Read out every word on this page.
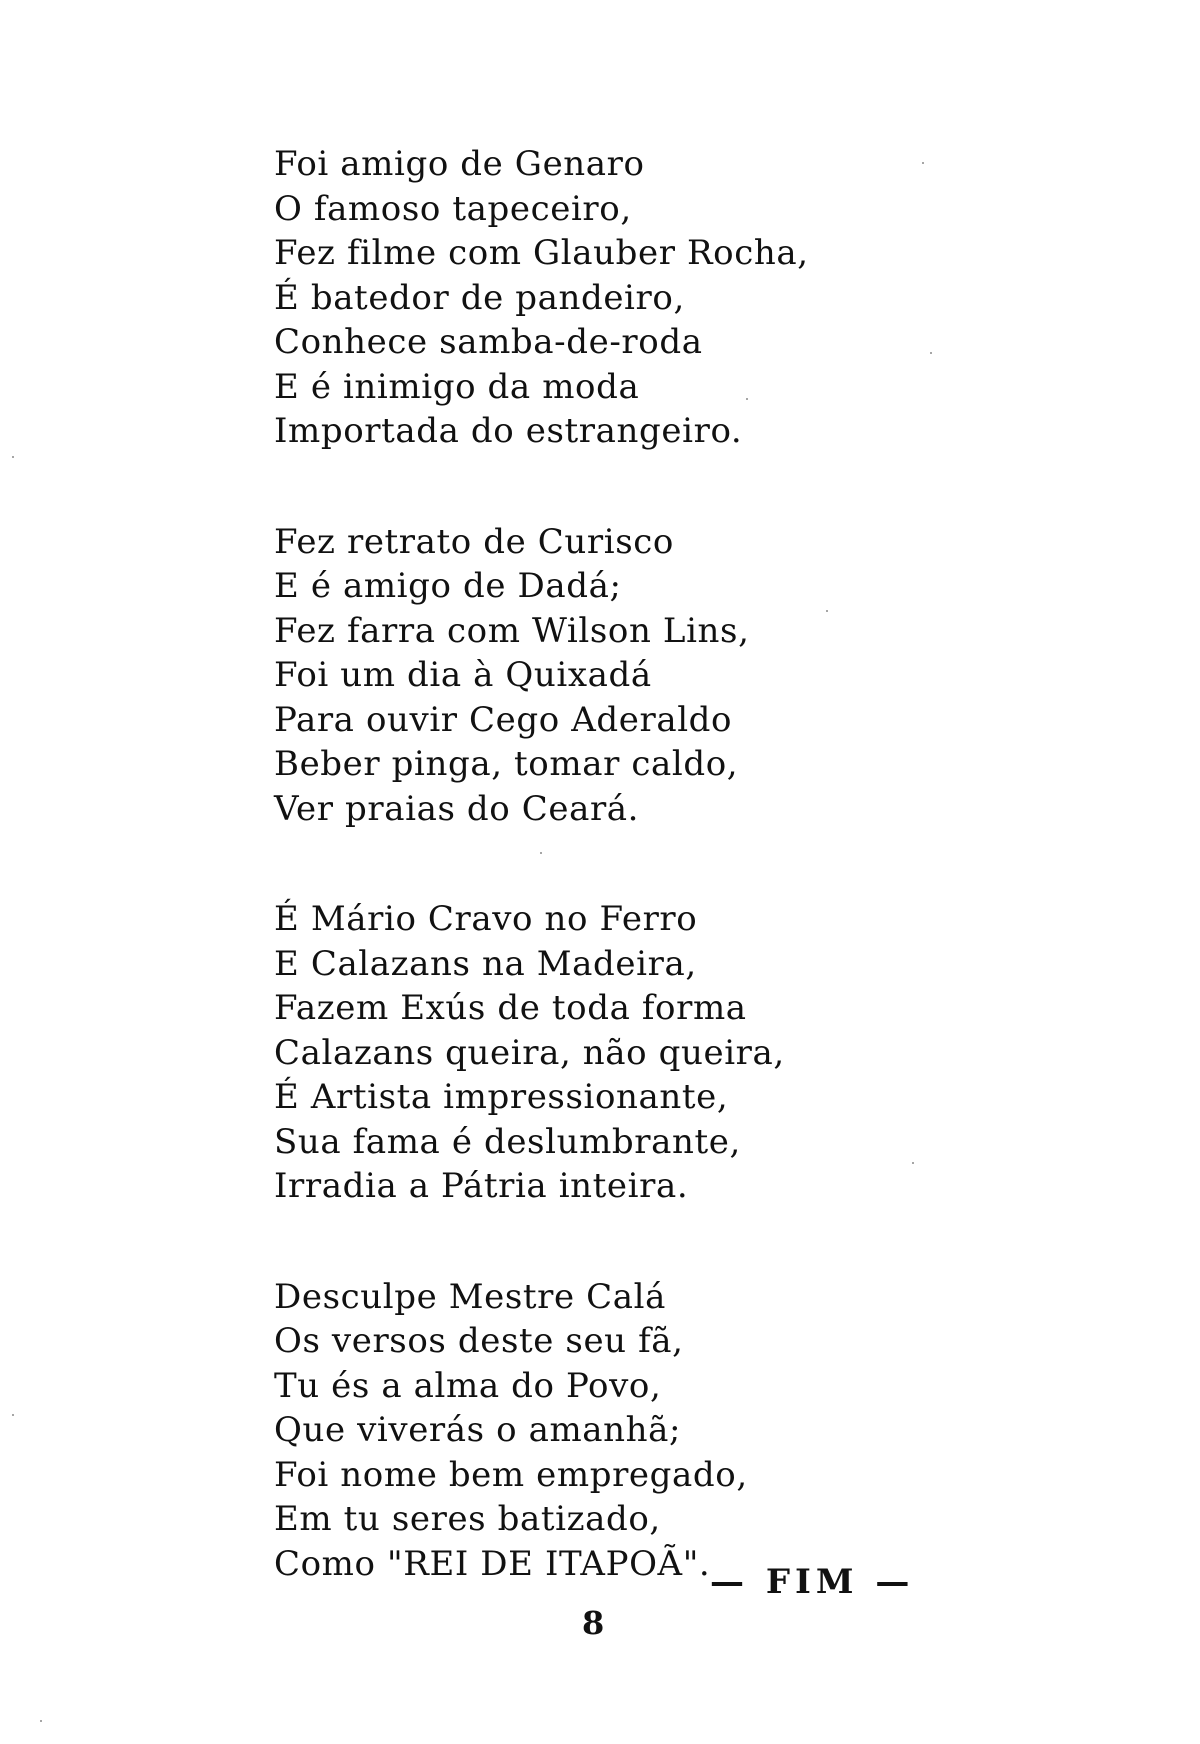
Foi amigo de Genaro
O famoso tapeceiro,
Fez filme com Glauber Rocha,
É batedor de pandeiro,
Conhece samba-de-roda
E é inimigo da moda
Importada do estrangeiro.
Fez retrato de Curisco
E é amigo de Dadá;
Fez farra com Wilson Lins,
Foi um dia à Quixadá
Para ouvir Cego Aderaldo
Beber pinga, tomar caldo,
Ver praias do Ceará.
É Mário Cravo no Ferro
E Calazans na Madeira,
Fazem Exús de toda forma
Calazans queira, não queira,
É Artista impressionante,
Sua fama é deslumbrante,
Irradia a Pátria inteira.
Desculpe Mestre Calá
Os versos deste seu fã,
Tu és a alma do Povo,
Que viverás o amanhã;
Foi nome bem empregado,
Em tu seres batizado,
Como "REI DE ITAPOÃ". — FIM —
8
